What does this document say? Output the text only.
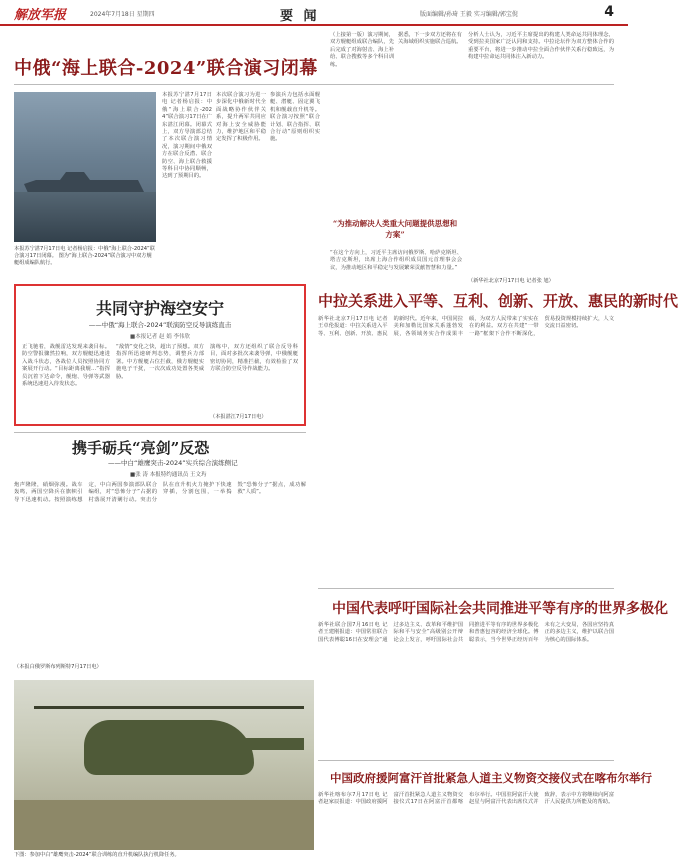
解放军报	2024年7月18日 星期四	要 闻	版面编辑/孙琦 王毅 实习编辑/郭宝倪	4
中俄“海上联合-2024”联合演习闭幕
本报苏宁湛7月17日电 记者杨启报：中俄“海上联合-2024”联合演习17日闭幕。 图为“海上联合-2024”联合演习中双方舰艇组成编队航行。
本报苏宁湛7月17日电 记者杨启报：中俄“海上联合-2024”联合演习17日在广东湛江闭幕。闭幕式上，双方导演部总结了本次联合演习情况，演习期间中俄双方在联合反潜、联合防空、海上联合救援等科目中协同顺畅，达到了预期目的。
本次联合演习为进一步深化中俄新时代全面战略协作伙伴关系，提升两军共同应对海上安全威胁能力，维护地区和平稳定发挥了积极作用。
参演兵力包括水面舰艇、潜艇、固定翼飞机和舰载直升机等。联合演习按照“联合计划、联合指挥、联合行动”原则组织实施。
（上接第一版）演习期间，双方舰艇组成联合编队，先后完成了对海射击、海上补给、联合搜救等多个科目训练。
据悉，下一步双方还将在有关海域组织实施联合巡航。
分析人士认为，习近平主席提出的构建人类命运共同体理念，受到拉美国家广泛认同和支持。中拉论坛作为双方整体合作的重要平台，将进一步推动中拉全面合作伙伴关系行稳致远，为构建中拉命运共同体注入新动力。
“为推动解决人类重大问题提供思想和方案”
“在这个方向上，习近平主席访问俄罗斯、哈萨克斯坦、塔吉克斯坦，出席上海合作组织成员国元首理事会会议，为推动地区和平稳定与发展繁荣贡献智慧和力量。”
（新华社北京7月17日电 记者张 旭）
共同守护海空安宁
——中俄“海上联合-2024”联演防空反导演练直击
■本报记者 赵 娟 李伟欣
正飞驰着，战舰雷达发现来袭目标。防空警报骤然拉响，双方舰艇迅速进入战斗状态，各战位人员按照协同方案展开行动。“目标距离我舰…”指挥员沉着下达命令，舰炮、导弹等武器系统迅速进入待发状态。
“敌情”变化之快，超出了预想。双方指挥所迅速研判态势，调整兵力部署。中方舰艇占位拦截，俄方舰艇实施电子干扰，一次次成功处置各类威胁。
演练中，双方还组织了联合反导科目，面对多批次来袭导弹，中俄舰艇密切协同，精准拦截，有效检验了双方联合防空反导作战能力。
（本报湛江7月17日电）
中拉关系进入平等、互利、创新、开放、惠民的新时代
新华社北京7月17日电 记者王卓伦报道：中拉关系进入平等、互利、创新、开放、惠民的新时代。近年来，中国同拉美和加勒比国家关系蓬勃发展，各领域务实合作成果丰硕，为双方人民带来了实实在在的利益。双方在共建“一带一路”框架下合作不断深化，贸易投资规模持续扩大，人文交流日益密切。
携手砺兵“亮剑”反恐
——中白“雄鹰突击-2024”实兵综合演练侧记
■张 涛 本报特约通讯员 王文玙
炮声隆隆，硝烟弥漫。战车轰鸣，两国空降兵在旗帜引导下迅速机动。按照演练想定，中白两国参演部队联合编组，对“恐怖分子”占据的村落展开清剿行动。突击分队在直升机火力掩护下快速穿插，分割包围，一举捣毁“恐怖分子”据点，成功解救“人质”。
（本报白俄罗斯布列斯特7月17日电）
下图：参加中白“雄鹰突击-2024”联合训练的直升机编队执行机降任务。
中国代表呼吁国际社会共同推进平等有序的世界多极化
新华社联合国7月16日电 记者王建刚报道：中国常驻联合国代表傅聪16日在安理会“通过多边主义、改革和平维护国际和平与安全”高级别公开辩论会上发言，呼吁国际社会共同推进平等有序的世界多极化和普惠包容的经济全球化。傅聪表示，当今世界正经历百年未有之大变局，各国应坚持真正的多边主义，维护以联合国为核心的国际体系。
中国政府援阿富汗首批紧急人道主义物资交接仪式在喀布尔举行
新华社喀布尔7月17日电 记者赵家辰报道：中国政府援阿富汗首批紧急人道主义物资交接仪式17日在阿富汗首都喀布尔举行。中国驻阿富汗大使赵星与阿富汗代表出席仪式并致辞，表示中方将继续向阿富汗人民提供力所能及的帮助。
